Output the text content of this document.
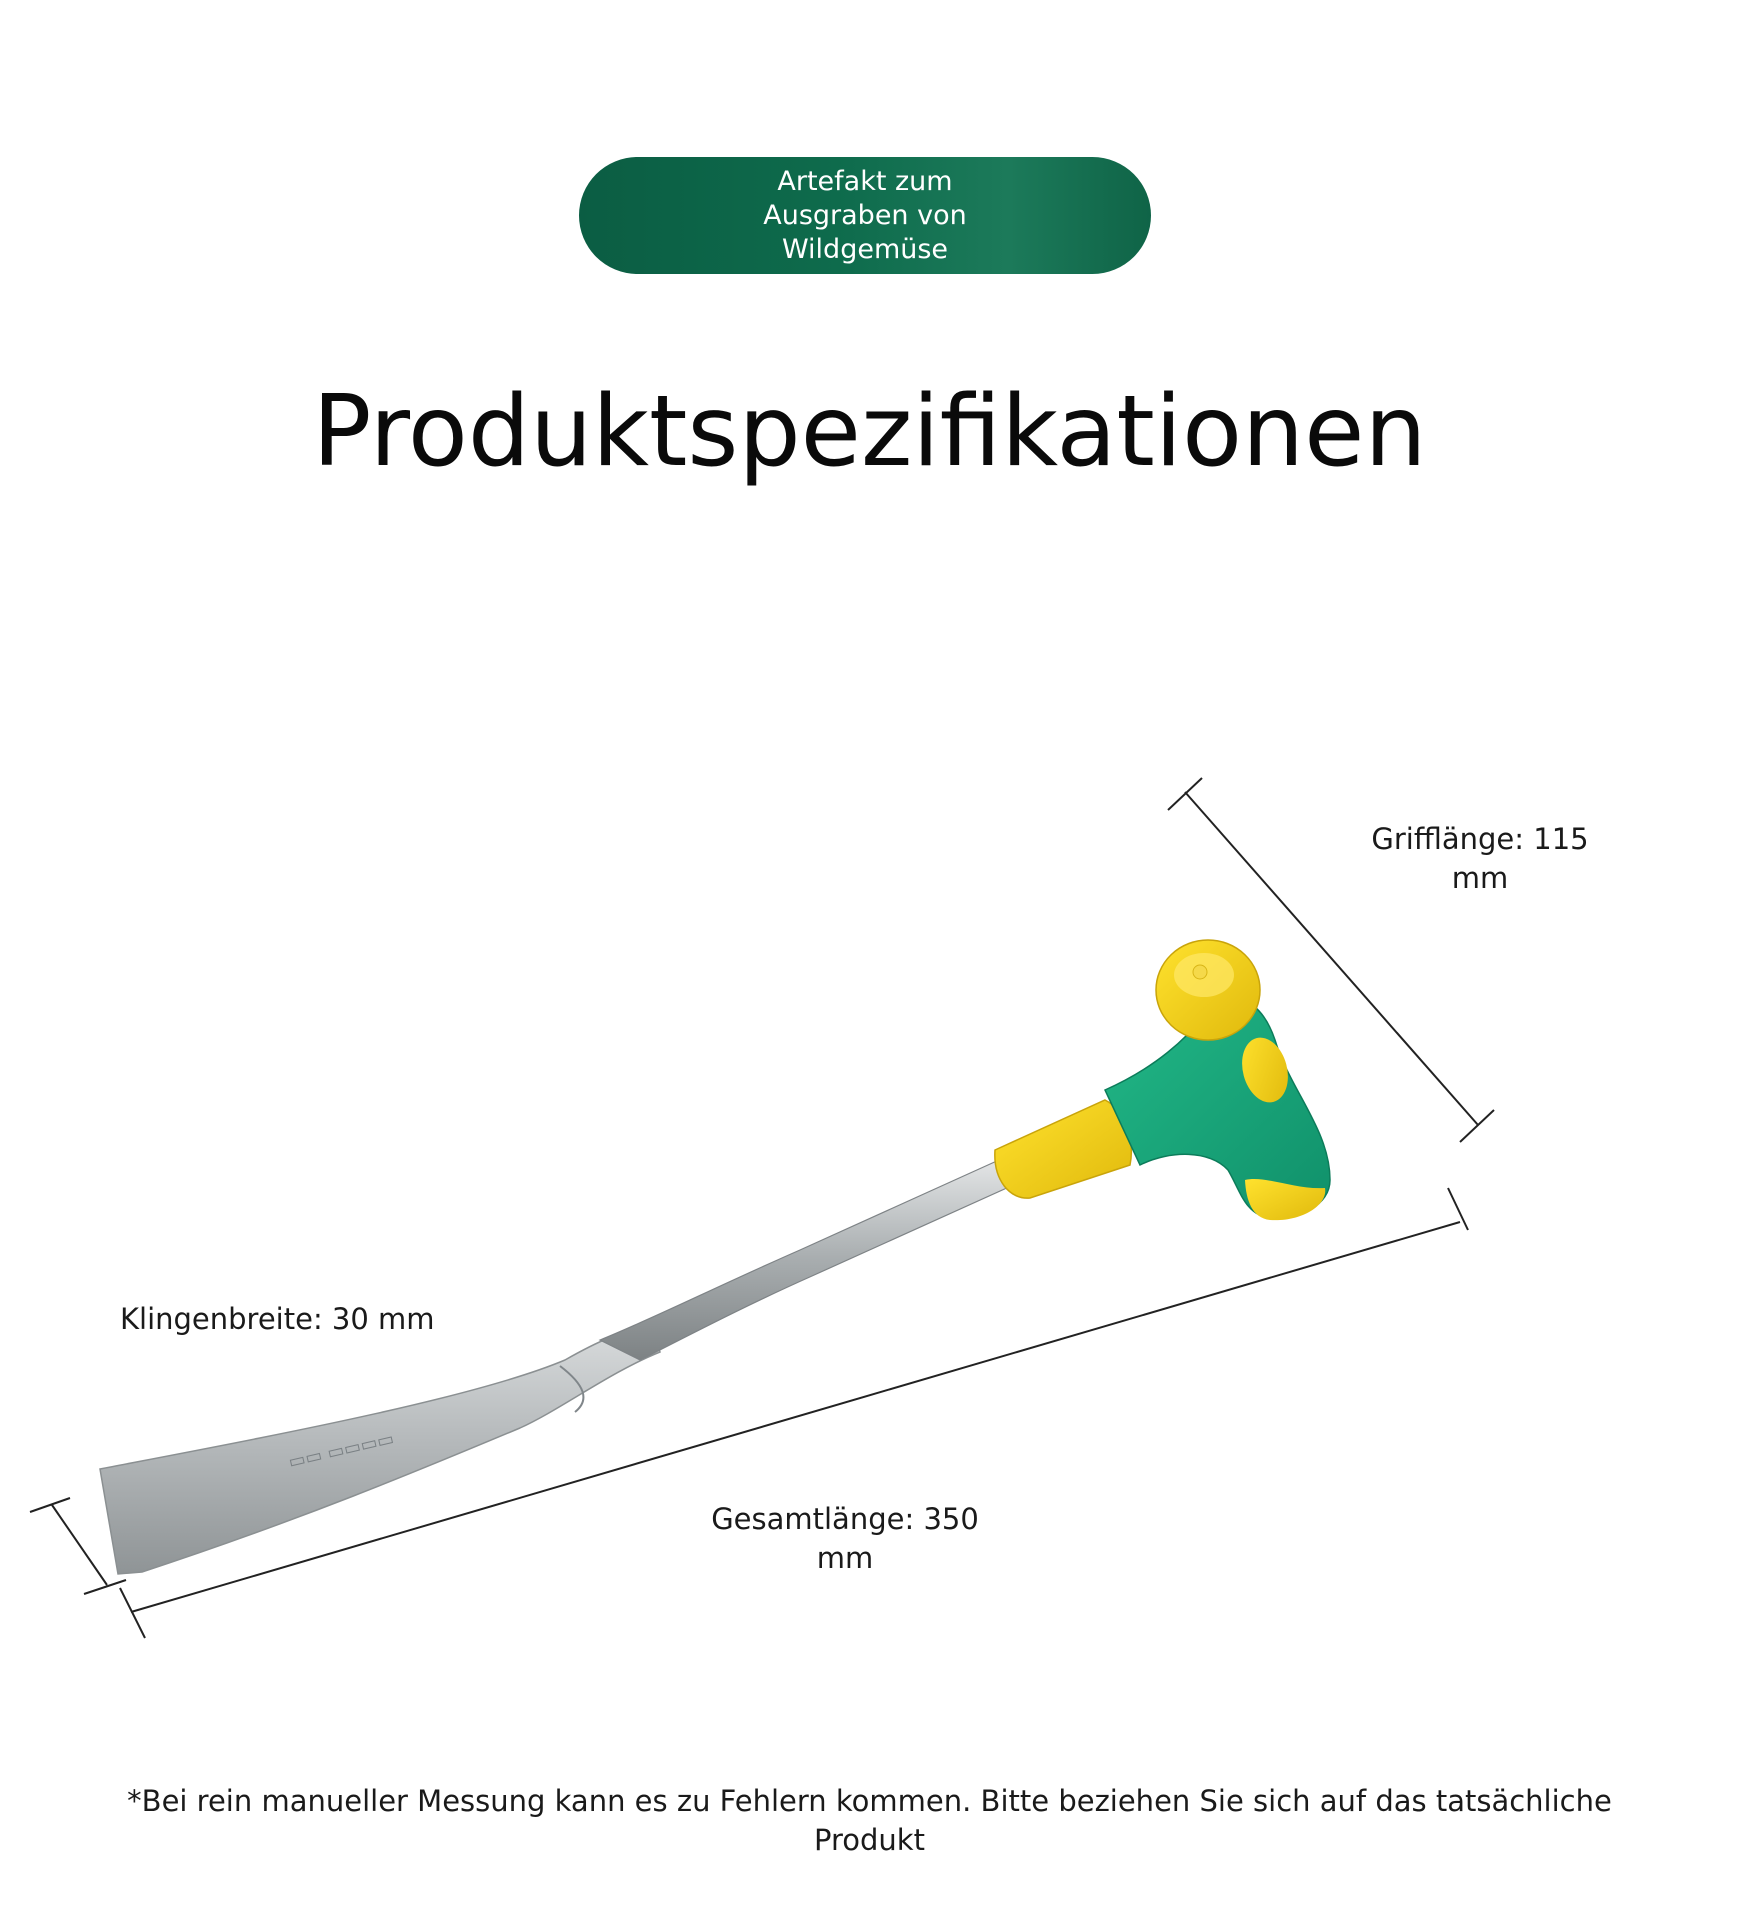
Artefakt zum Ausgraben von Wildgemüse
Produktspezifikationen
▭▭ ▭▭▭▭
Grifflänge: 115 mm
Klingenbreite: 30 mm
Gesamtlänge: 350 mm
*Bei rein manueller Messung kann es zu Fehlern kommen. Bitte beziehen Sie sich auf das tatsächliche Produkt
